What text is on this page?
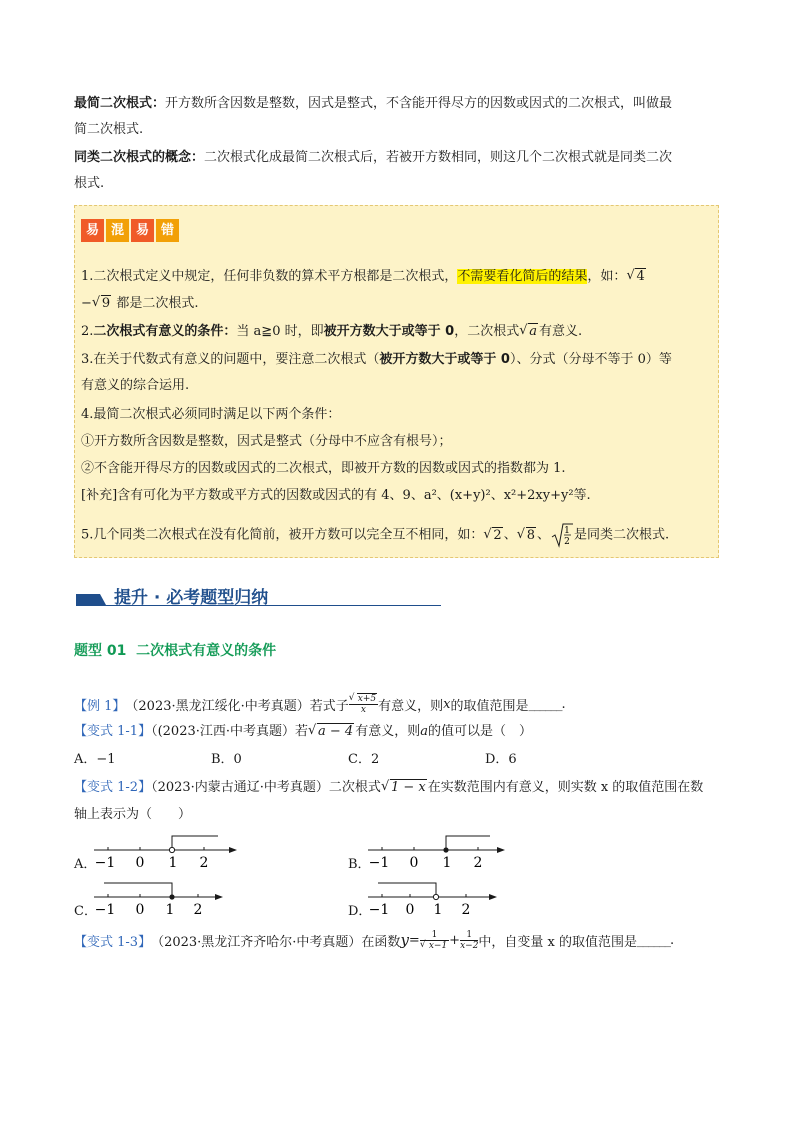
最简二次根式：开方数所含因数是整数，因式是整式，不含能开得尽方的因数或因式的二次根式，叫做最
简二次根式.
同类二次根式的概念：二次根式化成最简二次根式后，若被开方数相同，则这几个二次根式就是同类二次
根式.
易 混 易 错
1.二次根式定义中规定，任何非负数的算术平方根都是二次根式，不需要看化简后的结果，如： √ 4
− √ 9 都是二次根式.
2.二次根式有意义的条件：当 a≧0 时，即被开方数大于或等于 0，二次根式 √ a 有意义.
3.在关于代数式有意义的问题中，要注意二次根式（被开方数大于或等于 0）、分式（分母不等于 0）等
有意义的综合运用.
4.最简二次根式必须同时满足以下两个条件：
①开方数所含因数是整数，因式是整式（分母中不应含有根号）；
②不含能开得尽方的因数或因式的二次根式，即被开方数的因数或因式的指数都为 1.
[补充]含有可化为平方数或平方式的因数或因式的有 4、9、a²、(x+y)²、x²+2xy+y²等.
5.几个同类二次根式在没有化简前，被开方数可以完全互不相同，如： √ 2 、 √ 8 、 1
2 是同类二次根式.
提升 · 必考题型归纳
题型 01 二次根式有意义的条件
【例 1】 （2023·黑龙江绥化·中考真题）若式子 √ $\frac{x+5}{x}$ 有意义，则 x 的取值范围是 ______ .
【变式 1-1】（(2023·江西·中考真题）若 √ a − 4 有意义，则a的值可以是（　）
A．−1	B．0	C．2	D．6
【变式 1-2】（2023·内蒙古通辽·中考真题）二次根式 √ 1 − x 在实数范围内有意义，则实数 x 的取值范围在数
轴上表示为（　　）
A．	B．
C．	D．
−1 0 1 2	−1 0 1 2
−1 0 1 2	−1 0 1 2
【变式 1-3】 （2023·黑龙江齐齐哈尔·中考真题）在函数 y = 1
√ $x-1 + \frac{1}{x-2}$ 中，自变量 x 的取值范围是 ______ .
